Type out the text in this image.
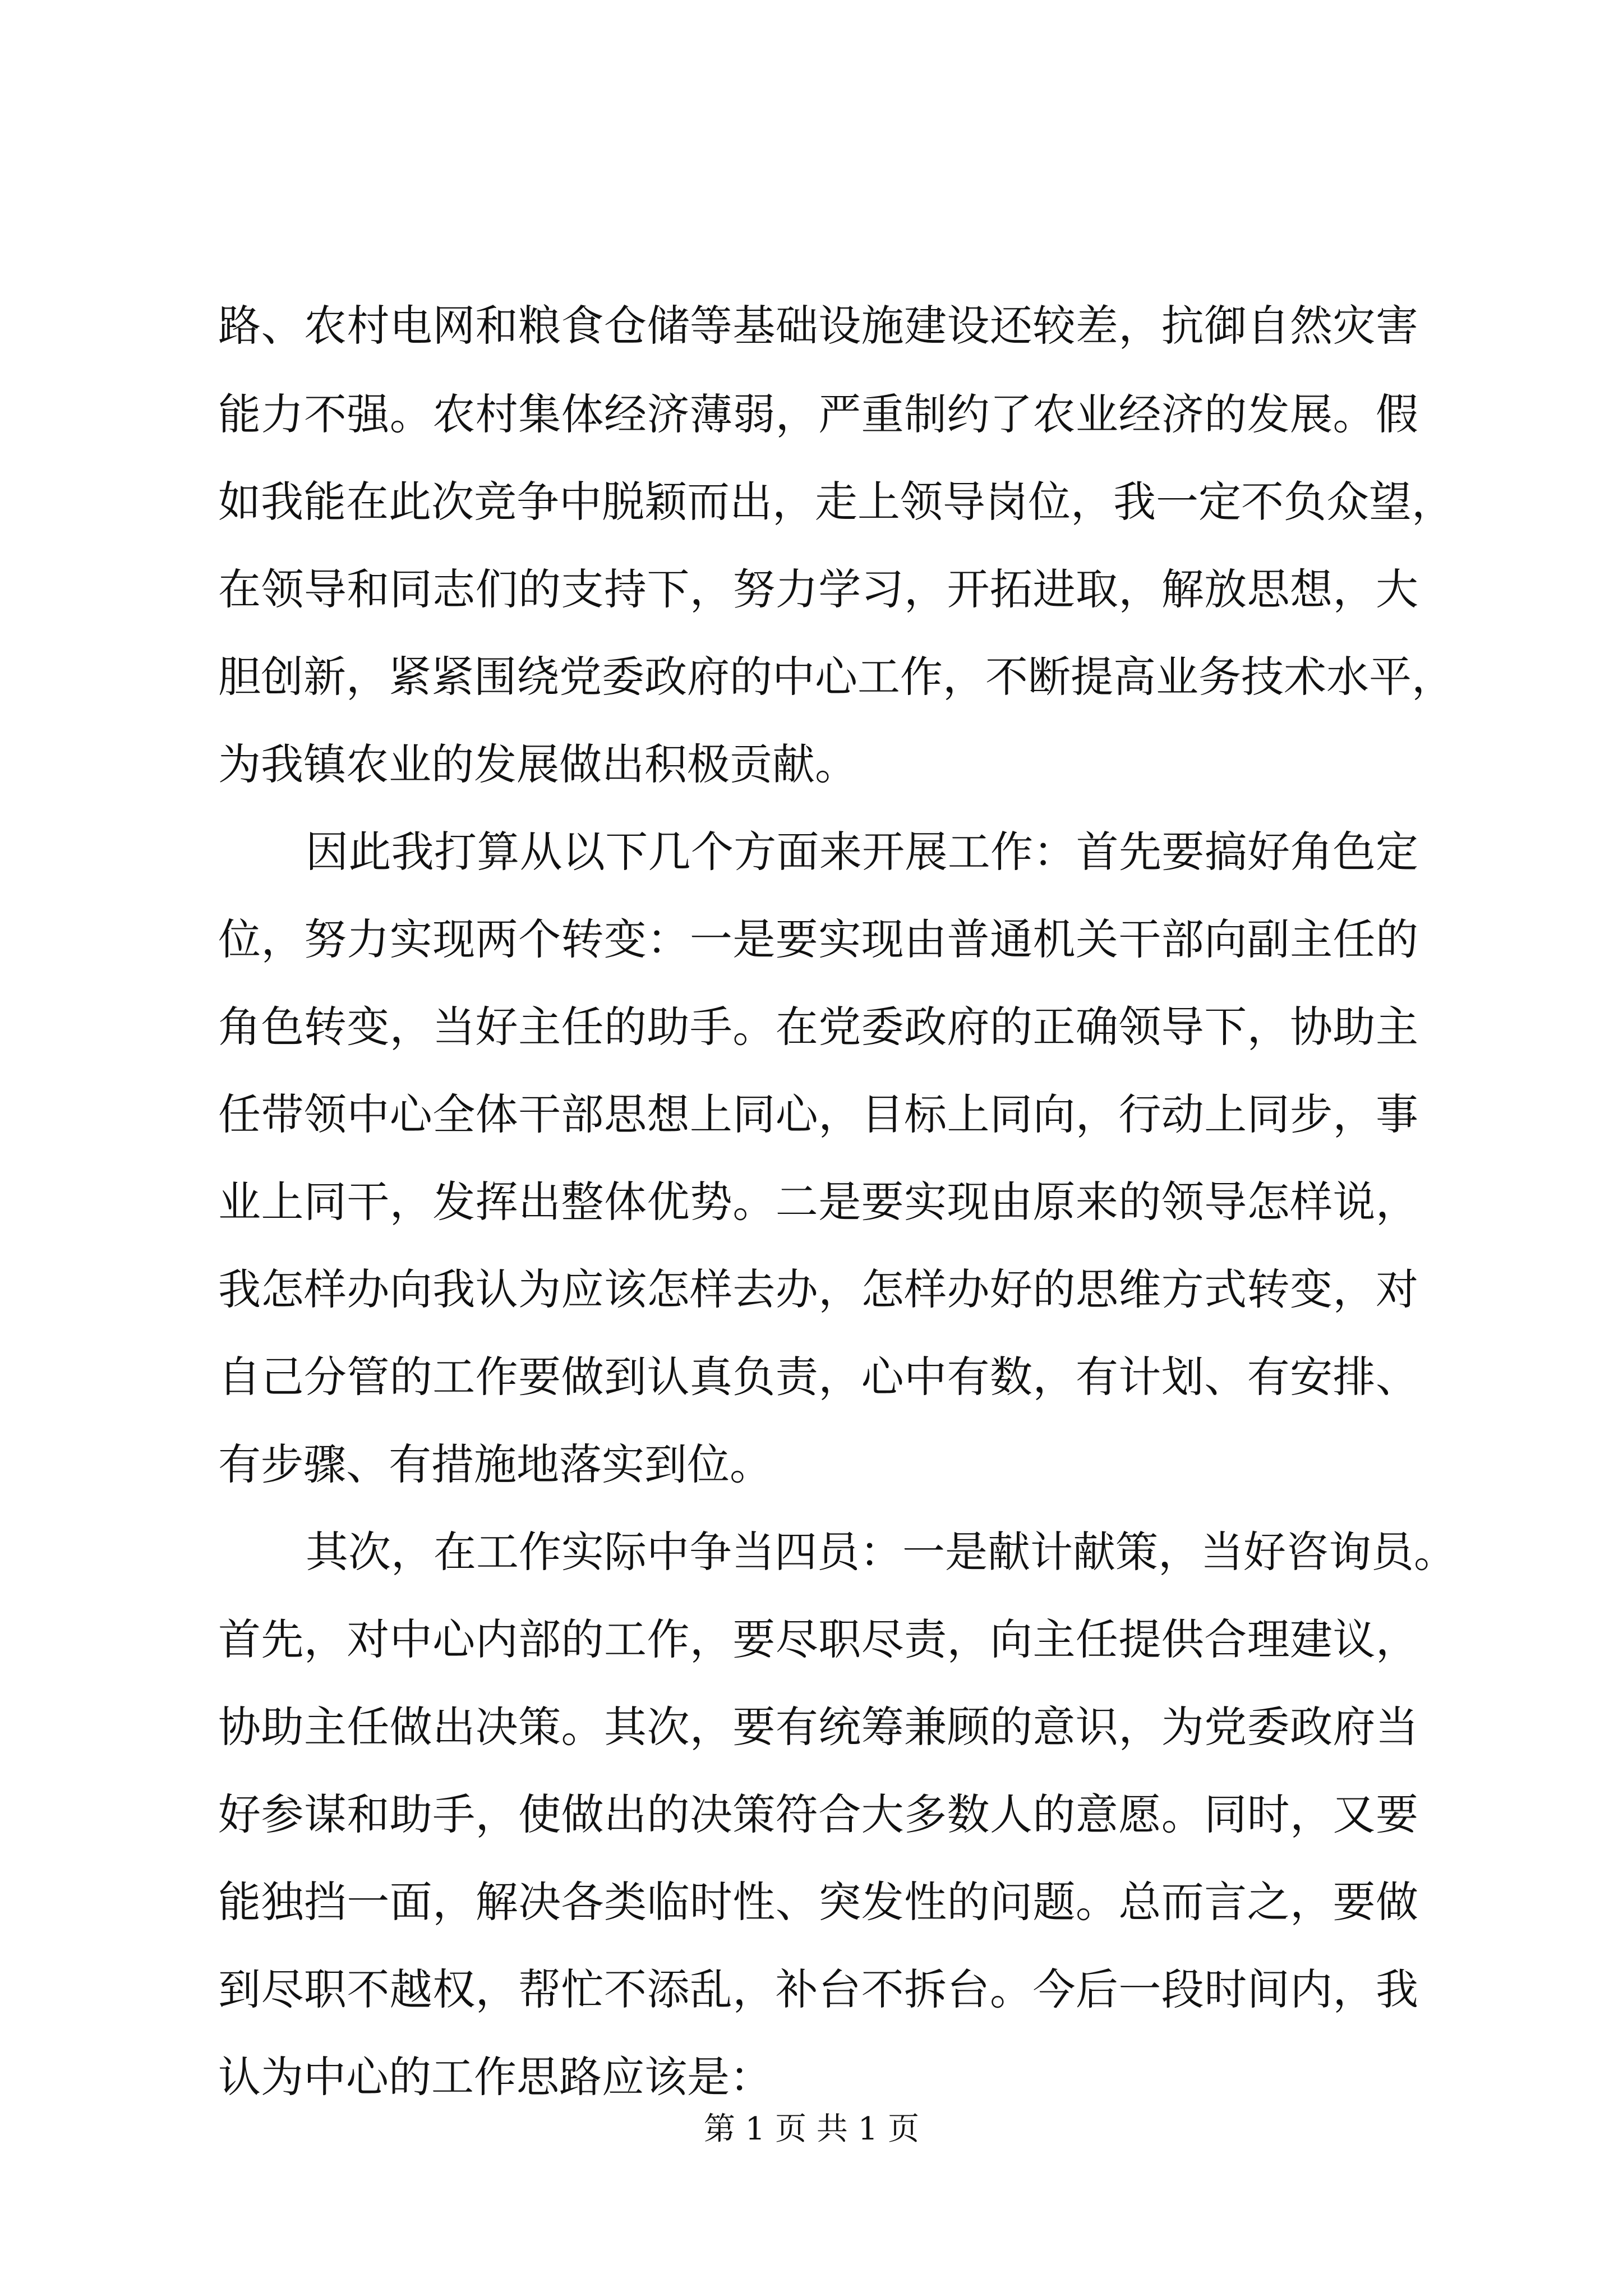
路、农村电网和粮食仓储等基础设施建设还较差，抗御自然灾害
能力不强。农村集体经济薄弱，严重制约了农业经济的发展。假
如我能在此次竞争中脱颖而出，走上领导岗位，我一定不负众望，
在领导和同志们的支持下，努力学习，开拓进取，解放思想，大
胆创新，紧紧围绕党委政府的中心工作，不断提高业务技术水平，
为我镇农业的发展做出积极贡献。
因此我打算从以下几个方面来开展工作：首先要搞好角色定
位，努力实现两个转变：一是要实现由普通机关干部向副主任的
角色转变，当好主任的助手。在党委政府的正确领导下，协助主
任带领中心全体干部思想上同心，目标上同向，行动上同步，事
业上同干，发挥出整体优势。二是要实现由原来的领导怎样说，
我怎样办向我认为应该怎样去办，怎样办好的思维方式转变，对
自己分管的工作要做到认真负责，心中有数，有计划、有安排、
有步骤、有措施地落实到位。
其次，在工作实际中争当四员：一是献计献策，当好咨询员。
首先，对中心内部的工作，要尽职尽责，向主任提供合理建议，
协助主任做出决策。其次，要有统筹兼顾的意识，为党委政府当
好参谋和助手，使做出的决策符合大多数人的意愿。同时，又要
能独挡一面，解决各类临时性、突发性的问题。总而言之，要做
到尽职不越权，帮忙不添乱，补台不拆台。今后一段时间内，我
认为中心的工作思路应该是：
第 1 页 共 1 页
